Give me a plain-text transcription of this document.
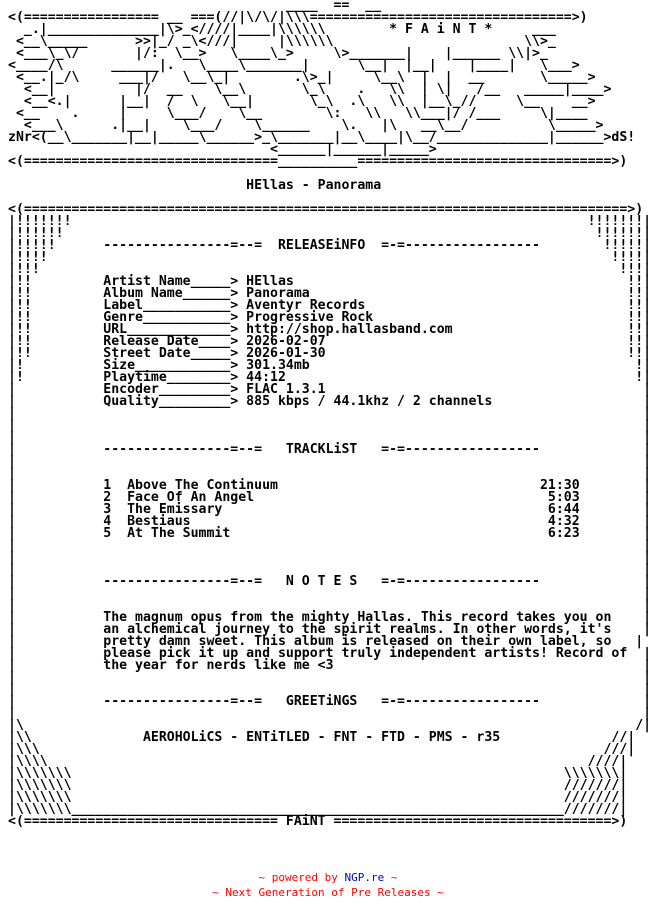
____  ==  __
<(================= __ ===(//|\/\/|\\\=================================>)
_.|______________|\>_<////|____|\\\\\\        * F A i N T *     ___
<__\_____      >>|_/ _\<///|     |\\\\\\                        \\>_
<___\_\/       |/:  \__>   \____\_>     \>_______|    |______ \\|>_
<____/\      ______|.   \____\_______|      \__|  |__|    |____|   \___>
<__.|_/\     ___|/   \__\_|        .\>_|     \__\  |  |  __       \_____>
<__|          |/  __    \__\       \_\    .   \\  | \|   /__   _____|____>
<__<.|      |__|  /  \   \__|       \_\  .\   \\  |__\_//     \__    __>
<__    .     |     \___/    \__        \:   \\   \\___|/ /___     \|____
<___\      .|__|    \___/    \______    \.   |\   __\__/          \_____>
zNr<(__\_______|__|_____\______>_\_______|__\____|\__/______________|______>dS!
<______|______|_____>
<(================================__________================================>)

HEllas - Panorama

<(============================================================================>)
|!!!!!!!                                                                 !!!!!!!|
|!!!!!!                                                                   !!!!!!|
|!!!!!      ----------------=--=  RELEASEiNFO  =-=-----------------        !!!!!|
|!!!!                                                                       !!!!|
|!!!                                                                         !!!|
|!!         Artist Name_____> HEllas                                          !!|
|!!         Album Name______> Panorama                                        !!|
|!!         Label___________> Aventyr Records                                 !!|
|!!         Genre___________> Progressive Rock                                !!|
|!!         URL_____________> http://shop.hallasband.com                      !!|
|!!         Release Date____> 2026-02-07                                      !!|
|!!         Street Date_____> 2026-01-30                                      !!|
|!          Size____________> 301.34mb                                         !|
|!          Playtime________> 44:12                                            !|
|           Encoder_________> FLAC 1.3.1                                        |
|           Quality_________> 885 kbps / 44.1khz / 2 channels                   |
|                                                                               |
|                                                                               |
|                                                                               |
|           ----------------=--=   TRACKLiST   =-=-----------------             |
|                                                                               |
|                                                                               |
|           1  Above The Continuum                                 21:30        |
|           2  Face Of An Angel                                     5:03        |
|           3  The Emissary                                         6:44        |
|           4  Bestiaus                                             4:32        |
|           5  At The Summit                                        6:23        |
|                                                                               |
|                                                                               |
|                                                                               |
|           ----------------=--=   N O T E S   =-=-----------------             |
|                                                                               |
|                                                                               |
|           The magnum opus from the mighty Hallas. This record takes you on    |
|           an alchemical journey to the spirit realms. In other words, it's    |
|           pretty damn sweet. This album is released on their own label, so   |
|           please pick it up and support truly independent artists! Record of  |
|           the year for nerds like me <3                                       |
|                                                                               |
|                                                                               |
|           ----------------=--=   GREETiNGS   =-=-----------------             |
|                                                                               |
|\                                                                             /|
|\\              AEROHOLiCS - ENTiTLED - FNT - FTD - PMS - r35              //|
|\\\                                                                       ///|
|\\\\                                                                    ////|
|\\\\\\\                                                              \\\\\\\|
|\\\\\\\                                                              ///////|
|\\\\\\\                                                              ///////|
|\\\\\\\______________________________________________________________///////|
<(================================ FAiNT ===================================>)

~ powered by NGP.re ~
~ Next Generation of Pre Releases ~
